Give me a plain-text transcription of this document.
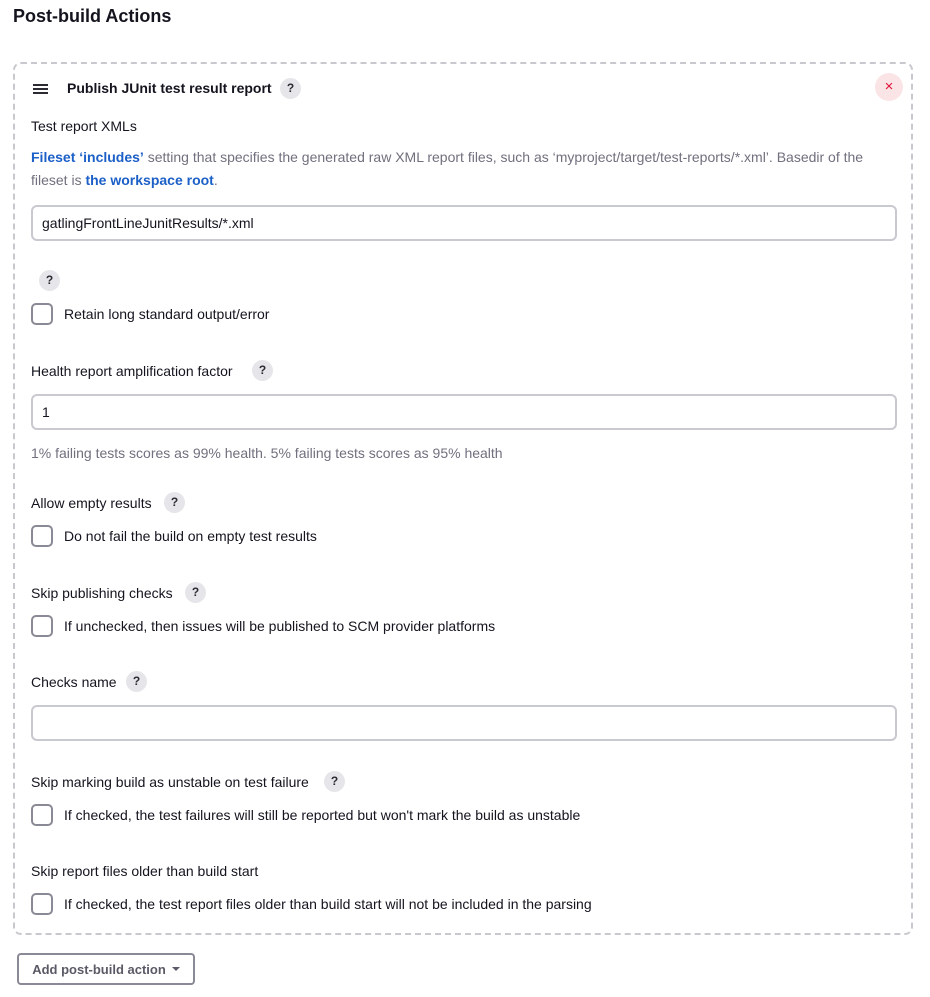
Post-build Actions
Publish JUnit test result report	?	×
Test report XMLs
Fileset ‘includes’ setting that specifies the generated raw XML report files, such as ‘myproject/target/test-reports/*.xml’. Basedir of the fileset is the workspace root.
gatlingFrontLineJunitResults/*.xml
?
Retain long standard output/error
Health report amplification factor	?
1
1% failing tests scores as 99% health. 5% failing tests scores as 95% health
Allow empty results	?
Do not fail the build on empty test results
Skip publishing checks	?
If unchecked, then issues will be published to SCM provider platforms
Checks name	?
Skip marking build as unstable on test failure	?
If checked, the test failures will still be reported but won't mark the build as unstable
Skip report files older than build start
If checked, the test report files older than build start will not be included in the parsing
Add post-build action
